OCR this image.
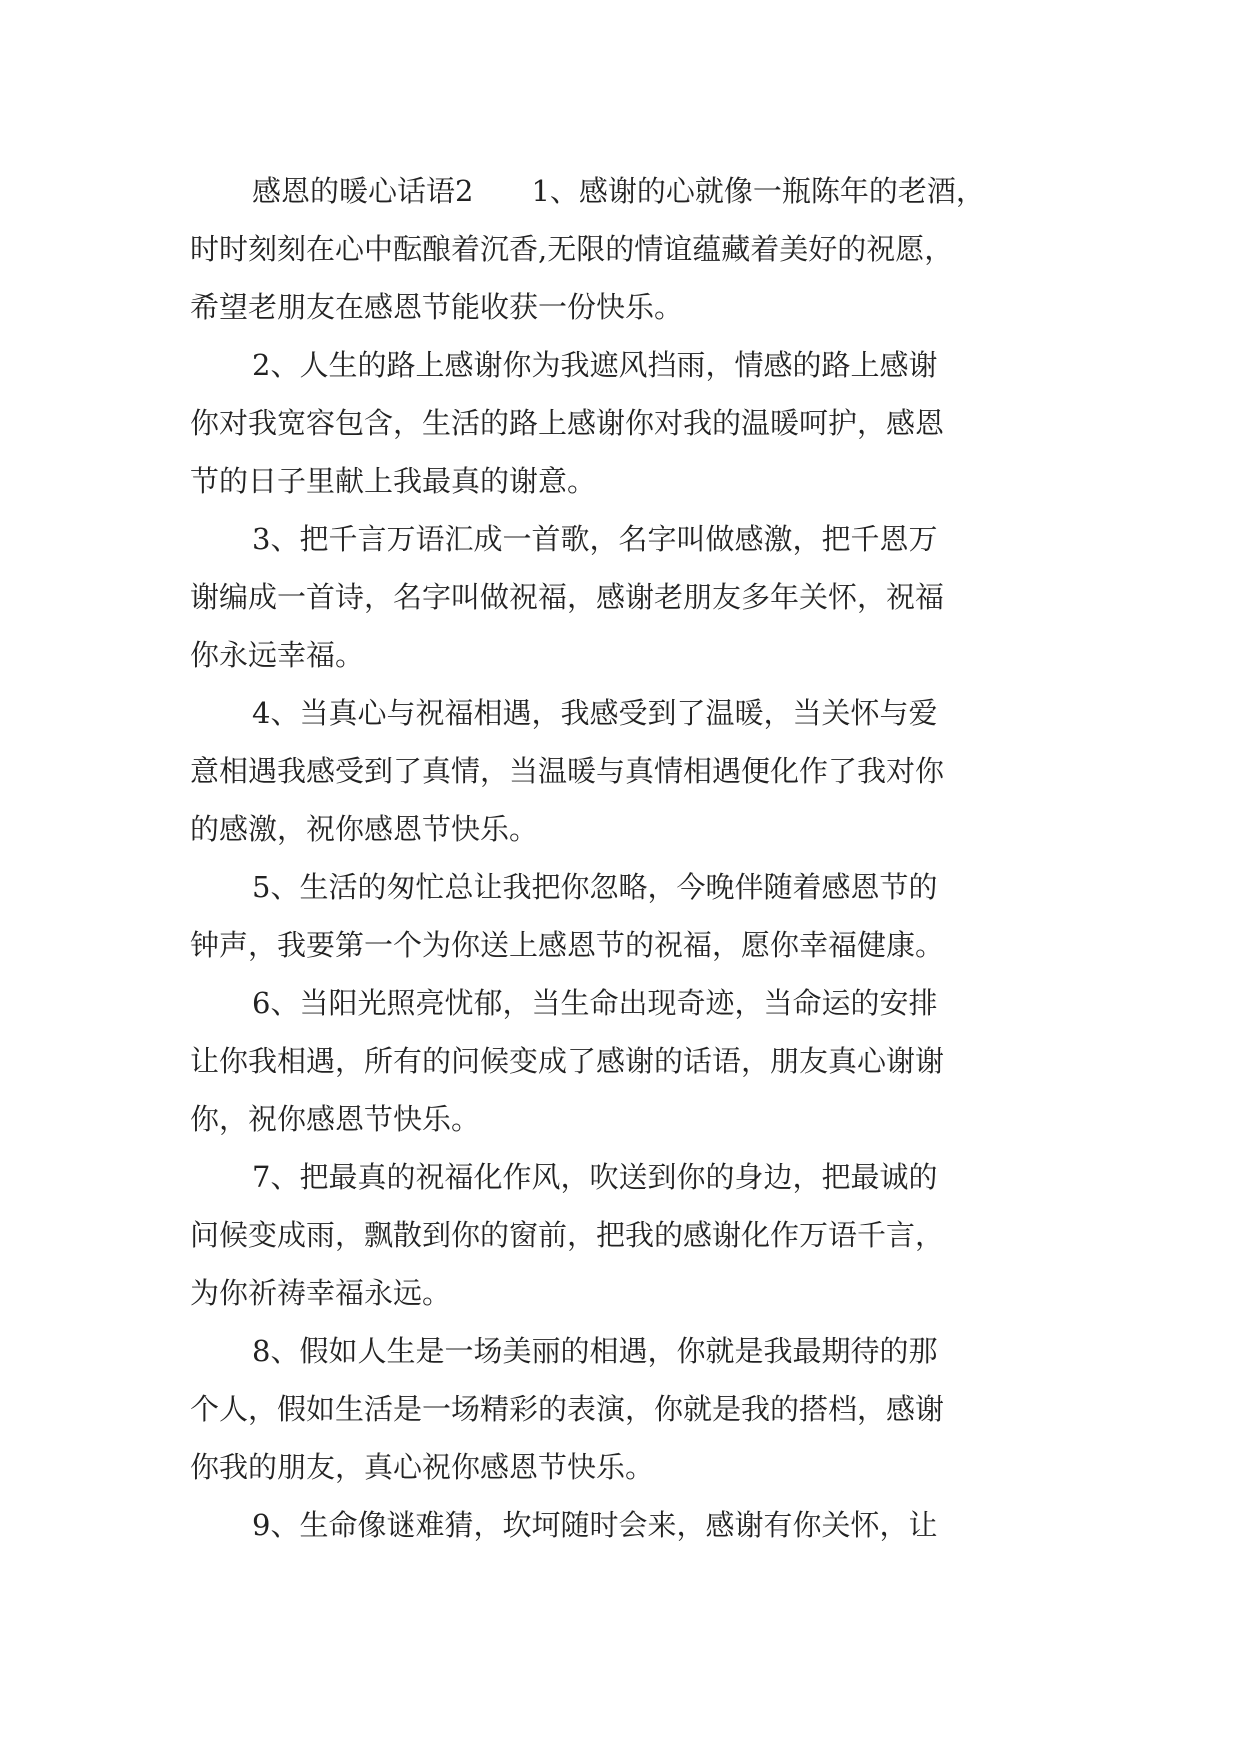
感恩的暖心话语2　　1、感谢的心就像一瓶陈年的老酒，
时时刻刻在心中酝酿着沉香,无限的情谊蕴藏着美好的祝愿，
希望老朋友在感恩节能收获一份快乐。
2、人生的路上感谢你为我遮风挡雨，情感的路上感谢
你对我宽容包含，生活的路上感谢你对我的温暖呵护，感恩
节的日子里献上我最真的谢意。
3、把千言万语汇成一首歌，名字叫做感激，把千恩万
谢编成一首诗，名字叫做祝福，感谢老朋友多年关怀，祝福
你永远幸福。
4、当真心与祝福相遇，我感受到了温暖，当关怀与爱
意相遇我感受到了真情，当温暖与真情相遇便化作了我对你
的感激，祝你感恩节快乐。
5、生活的匆忙总让我把你忽略，今晚伴随着感恩节的
钟声，我要第一个为你送上感恩节的祝福，愿你幸福健康。
6、当阳光照亮忧郁，当生命出现奇迹，当命运的安排
让你我相遇，所有的问候变成了感谢的话语，朋友真心谢谢
你，祝你感恩节快乐。
7、把最真的祝福化作风，吹送到你的身边，把最诚的
问候变成雨，飘散到你的窗前，把我的感谢化作万语千言，
为你祈祷幸福永远。
8、假如人生是一场美丽的相遇，你就是我最期待的那
个人，假如生活是一场精彩的表演，你就是我的搭档，感谢
你我的朋友，真心祝你感恩节快乐。
9、生命像谜难猜，坎坷随时会来，感谢有你关怀，让
